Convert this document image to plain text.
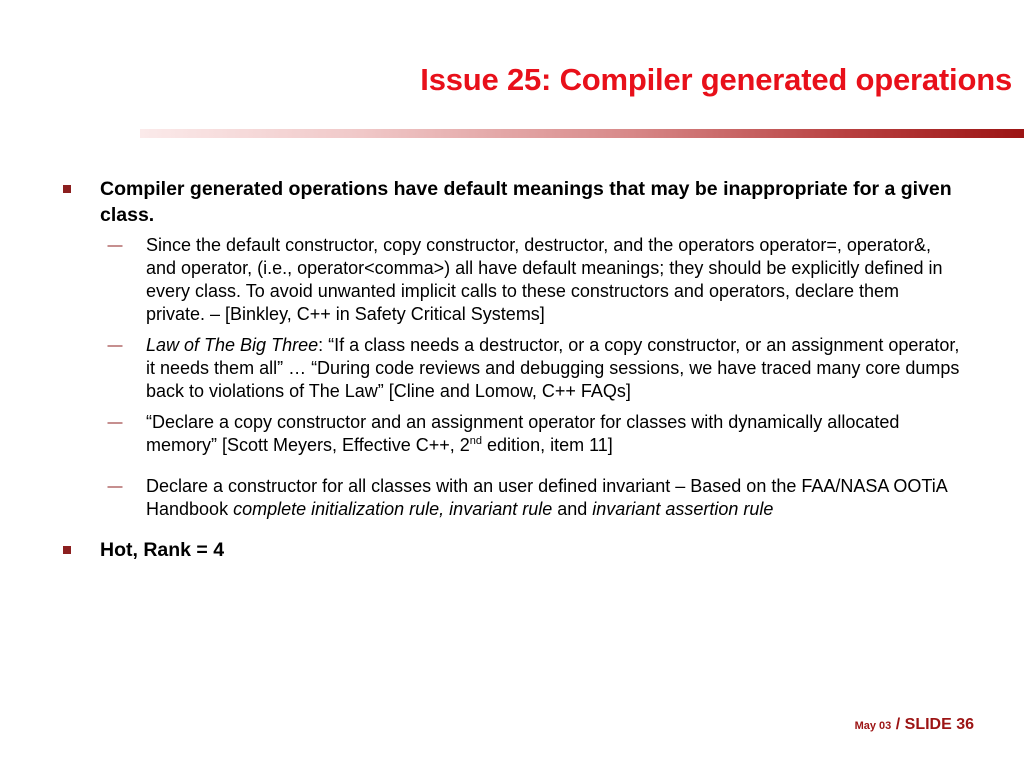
Issue 25: Compiler generated operations
Compiler generated operations have default meanings that may be inappropriate for a given class.
—	Since the default constructor, copy constructor, destructor, and the operators operator=, operator&, and operator, (i.e., operator<comma>) all have default meanings; they should be explicitly defined in every class. To avoid unwanted implicit calls to these constructors and operators, declare them private. – [Binkley, C++ in Safety Critical Systems]
—	Law of The Big Three: “If a class needs a destructor, or a copy constructor, or an assignment operator, it needs them all” … “During code reviews and debugging sessions, we have traced many core dumps back to violations of The Law” [Cline and Lomow, C++ FAQs]
—	“Declare a copy constructor and an assignment operator for classes with dynamically allocated memory” [Scott Meyers, Effective C++, 2nd edition, item 11]
—	Declare a constructor for all classes with an user defined invariant – Based on the FAA/NASA OOTiA Handbook complete initialization rule, invariant rule and invariant assertion rule
Hot, Rank = 4
May 03 / SLIDE 36
